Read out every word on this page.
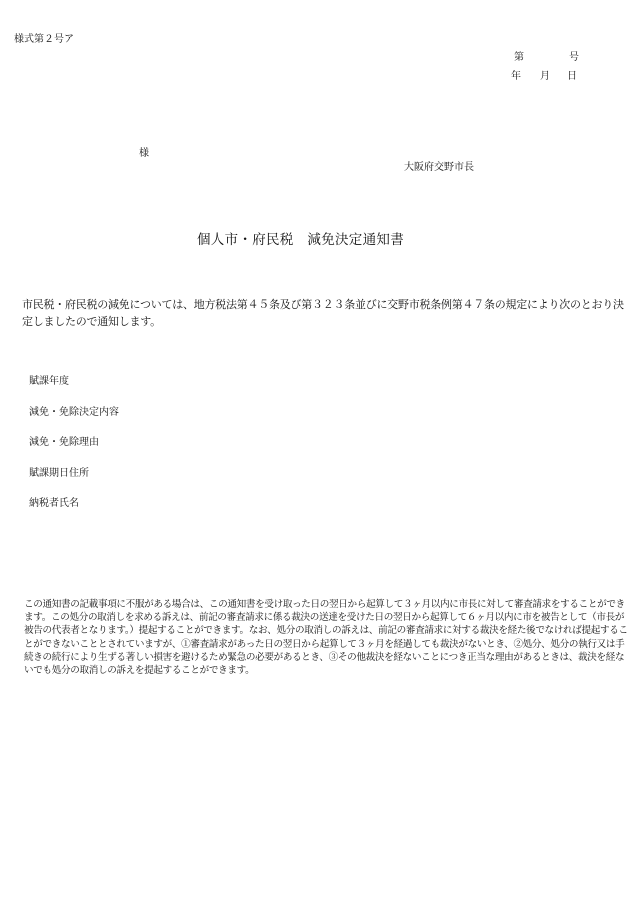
様式第２号ア
第	号
年 月 日
様
大阪府交野市長
個人市・府民税　減免決定通知書
市民税・府民税の減免については、地方税法第４５条及び第３２３条並びに交野市税条例第４７条の規定により次のとおり決定しましたので通知します。
賦課年度
減免・免除決定内容
減免・免除理由
賦課期日住所
納税者氏名
この通知書の記載事項に不服がある場合は、この通知書を受け取った日の翌日から起算して３ヶ月以内に市長に対して審査請求をすることができます。この処分の取消しを求める訴えは、前記の審査請求に係る裁決の送達を受けた日の翌日から起算して６ヶ月以内に市を被告として（市長が被告の代表者となります。）提起することができます。なお、処分の取消しの訴えは、前記の審査請求に対する裁決を経た後でなければ提起することができないこととされていますが、①審査請求があった日の翌日から起算して３ヶ月を経過しても裁決がないとき、②処分、処分の執行又は手続きの続行により生ずる著しい損害を避けるため緊急の必要があるとき、③その他裁決を経ないことにつき正当な理由があるときは、裁決を経ないでも処分の取消しの訴えを提起することができます。
